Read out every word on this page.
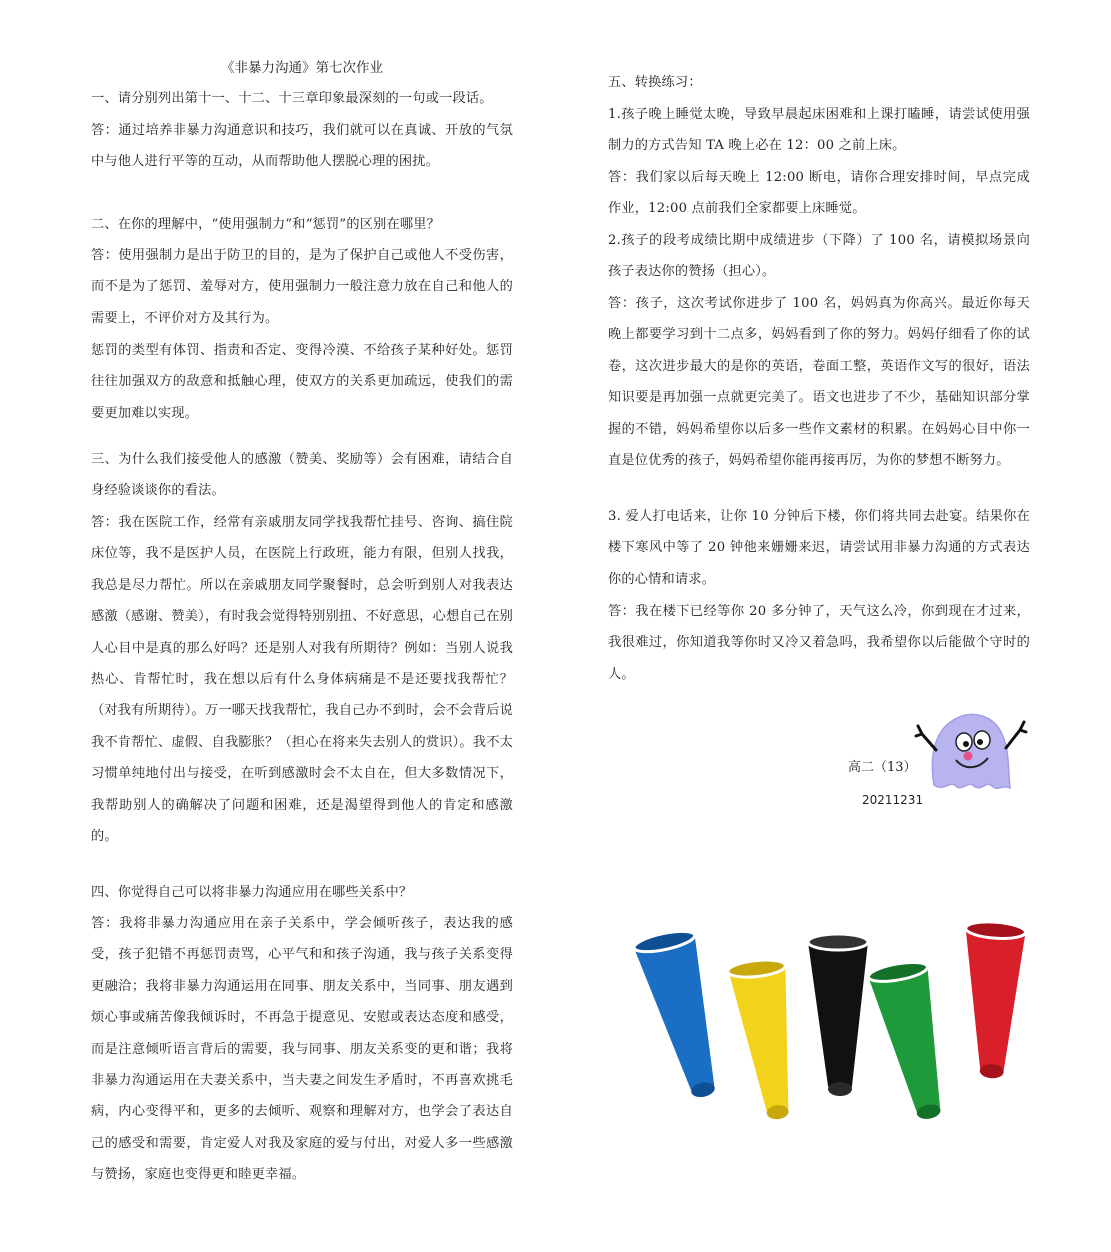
《非暴力沟通》第七次作业
一、请分别列出第十一、十二、十三章印象最深刻的一句或一段话。
答：通过培养非暴力沟通意识和技巧，我们就可以在真诚、开放的气氛中与他人进行平等的互动，从而帮助他人摆脱心理的困扰。
二、在你的理解中，“使用强制力”和“惩罚”的区别在哪里？
答：使用强制力是出于防卫的目的，是为了保护自己或他人不受伤害，而不是为了惩罚、羞辱对方，使用强制力一般注意力放在自己和他人的需要上，不评价对方及其行为。
惩罚的类型有体罚、指责和否定、变得冷漠、不给孩子某种好处。惩罚往往加强双方的敌意和抵触心理，使双方的关系更加疏远，使我们的需要更加难以实现。
三、为什么我们接受他人的感激（赞美、奖励等）会有困难，请结合自身经验谈谈你的看法。
答：我在医院工作，经常有亲戚朋友同学找我帮忙挂号、咨询、搞住院床位等，我不是医护人员，在医院上行政班，能力有限，但别人找我，我总是尽力帮忙。所以在亲戚朋友同学聚餐时，总会听到别人对我表达感激（感谢、赞美），有时我会觉得特别别扭、不好意思，心想自己在别人心目中是真的那么好吗？还是别人对我有所期待？例如：当别人说我热心、肯帮忙时，我在想以后有什么身体病痛是不是还要找我帮忙？（对我有所期待）。万一哪天找我帮忙，我自己办不到时，会不会背后说我不肯帮忙、虚假、自我膨胀？（担心在将来失去别人的赏识）。我不太习惯单纯地付出与接受，在听到感激时会不太自在，但大多数情况下，我帮助别人的确解决了问题和困难，还是渴望得到他人的肯定和感激的。
四、你觉得自己可以将非暴力沟通应用在哪些关系中？
答：我将非暴力沟通应用在亲子关系中，学会倾听孩子，表达我的感受，孩子犯错不再惩罚责骂，心平气和和孩子沟通，我与孩子关系变得更融洽；我将非暴力沟通运用在同事、朋友关系中，当同事、朋友遇到烦心事或痛苦像我倾诉时，不再急于提意见、安慰或表达态度和感受，而是注意倾听语言背后的需要，我与同事、朋友关系变的更和谐；我将非暴力沟通运用在夫妻关系中，当夫妻之间发生矛盾时，不再喜欢挑毛病，内心变得平和，更多的去倾听、观察和理解对方，也学会了表达自己的感受和需要，肯定爱人对我及家庭的爱与付出，对爱人多一些感激与赞扬，家庭也变得更和睦更幸福。
五、转换练习：
1.孩子晚上睡觉太晚，导致早晨起床困难和上课打瞌睡，请尝试使用强制力的方式告知 TA 晚上必在 12：00 之前上床。
答：我们家以后每天晚上 12:00 断电，请你合理安排时间，早点完成作业，12:00 点前我们全家都要上床睡觉。
2.孩子的段考成绩比期中成绩进步（下降）了 100 名，请模拟场景向孩子表达你的赞扬（担心）。
答：孩子，这次考试你进步了 100 名，妈妈真为你高兴。最近你每天晚上都要学习到十二点多，妈妈看到了你的努力。妈妈仔细看了你的试卷，这次进步最大的是你的英语，卷面工整，英语作文写的很好，语法知识要是再加强一点就更完美了。语文也进步了不少，基础知识部分掌握的不错，妈妈希望你以后多一些作文素材的积累。在妈妈心目中你一直是位优秀的孩子，妈妈希望你能再接再厉，为你的梦想不断努力。
3. 爱人打电话来，让你 10 分钟后下楼，你们将共同去赴宴。结果你在楼下寒风中等了 20 钟他来姗姗来迟，请尝试用非暴力沟通的方式表达你的心情和请求。
答：我在楼下已经等你 20 多分钟了，天气这么冷，你到现在才过来，我很难过，你知道我等你时又冷又着急吗，我希望你以后能做个守时的人。
高二（13）
20211231
